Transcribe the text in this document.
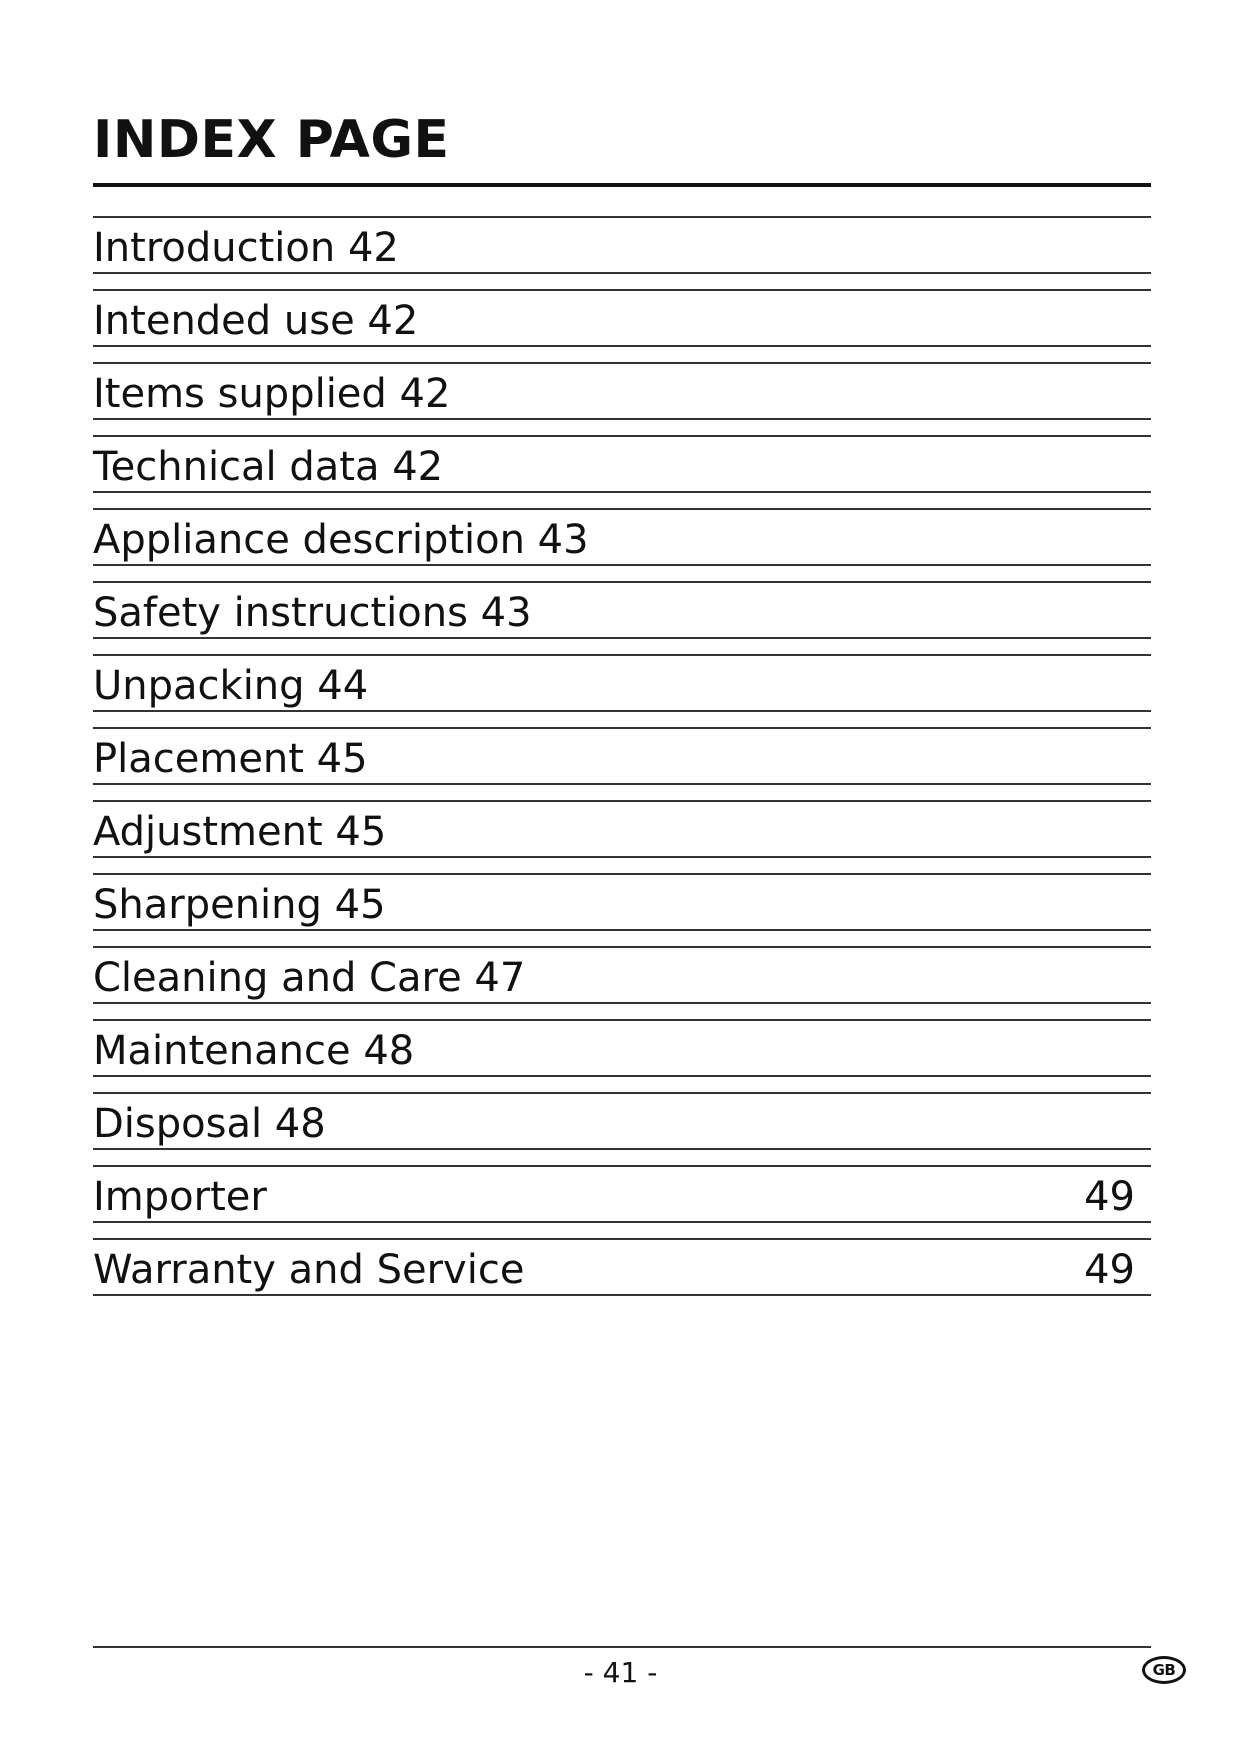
INDEX PAGE
Introduction 42
Intended use 42
Items supplied 42
Technical data 42
Appliance description 43
Safety instructions 43
Unpacking 44
Placement 45
Adjustment 45
Sharpening 45
Cleaning and Care 47
Maintenance 48
Disposal 48
Importer	49
Warranty and Service	49
- 41 -	GB
